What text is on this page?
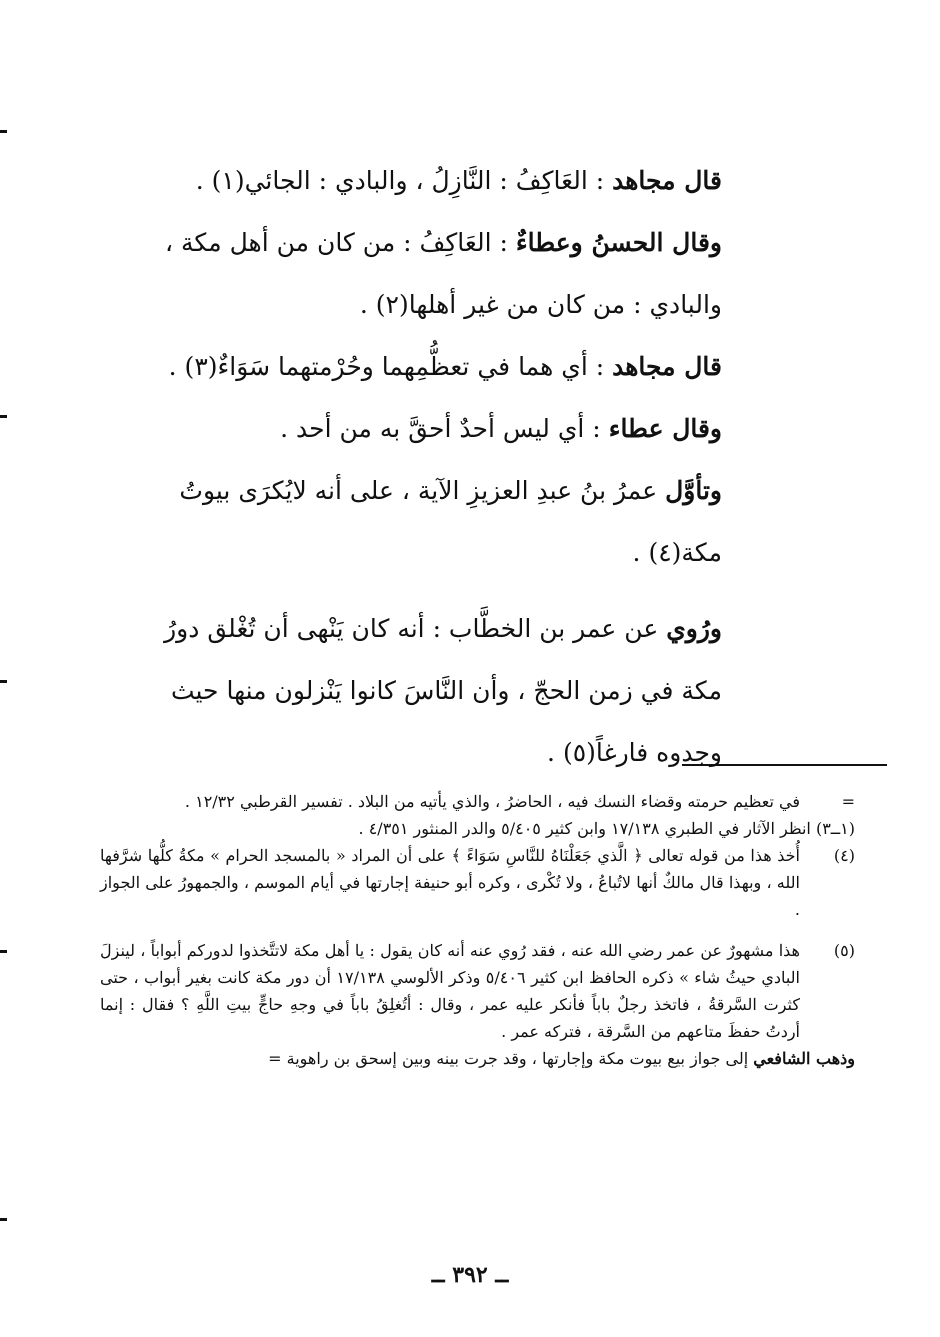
قال مجاهد : العَاكِفُ : النَّازِلُ ، والبادي : الجائي(١) .

وقال الحسنُ وعطاءٌ : العَاكِفُ : من كان من أهل مكة ، والبادي : من كان من غير أهلها(٢) .

قال مجاهد : أي هما في تعظُّمِهما وحُرْمتهما سَوَاءٌ(٣) .

وقال عطاء : أي ليس أحدٌ أحقَّ به من أحد .

وتأوَّل عمرُ بنُ عبدِ العزيزِ الآية ، على أنه لايُكرَى بيوتُ مكة(٤) .

ورُوي عن عمر بن الخطَّاب : أنه كان يَنْهى أن تُغْلق دورُ مكة في زمن الحجّ ، وأن النَّاسَ كانوا يَنْزلون منها حيث وجدوه فارغاً(٥) .

=
في تعظيم حرمته وقضاء النسك فيه ، الحاضرُ ، والذي يأتيه من البلاد . تفسير القرطبي ١٢/٣٢ .

(١ــ٣) انظر الآثار في الطبري ١٧/١٣٨ وابن كثير ٥/٤٠٥ والدر المنثور ٤/٣٥١ .

(٤)
أُخذ هذا من قوله تعالى ﴿ الَّذي جَعَلْنَاهُ للنَّاسِ سَوَاءً ﴾ على أن المراد « بالمسجد الحرام » مكةُ كلُّها شرَّفها الله ، وبهذا قال مالكٌ أنها لاتُباعُ ، ولا تُكْرى ، وكره أبو حنيفة إجارتها في أيام الموسم ، والجمهورُ على الجواز .

(٥)
هذا مشهورٌ عن عمر رضي الله عنه ، فقد رُوي عنه أنه كان يقول : يا أهل مكة لاتتَّخذوا لدوركم أبواباً ، لينزلَ البادي حيثُ شاء » ذكره الحافظ ابن كثير ٥/٤٠٦ وذكر الألوسي ١٧/١٣٨ أن دور مكة كانت بغير أبواب ، حتى كثرت السَّرقةُ ، فاتخذ رجلٌ باباً فأنكر عليه عمر ، وقال : أتُغلِقُ باباً في وجهِ حاجٍّ بيتِ اللَّهِ ؟ فقال : إنما أردتُ حفظَ متاعهم من السَّرقة ، فتركه عمر .

وذهب الشافعي إلى جواز بيع بيوت مكة وإجارتها ، وقد جرت بينه وبين إسحق بن راهوية =

ــ ٣٩٢ ــ
